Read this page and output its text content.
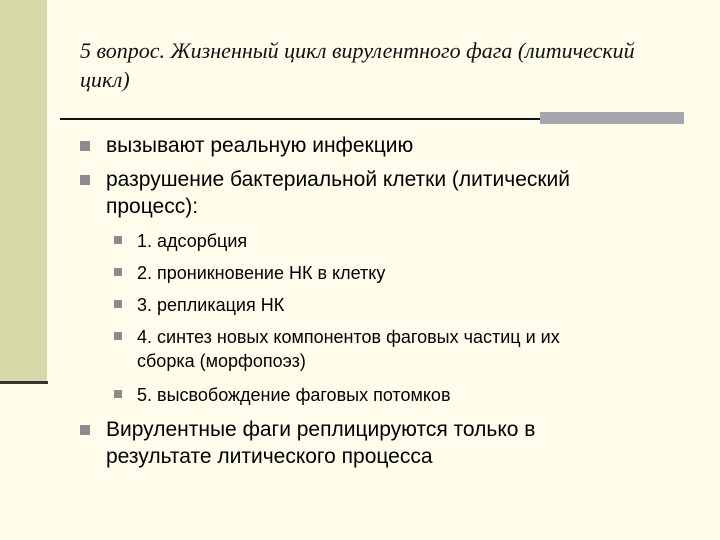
5 вопрос. Жизненный цикл вирулентного фага (литический цикл)
вызывают реальную инфекцию
разрушение бактериальной клетки (литический
процесс):
1. адсорбция
2. проникновение НК в клетку
3. репликация НК
4. синтез новых компонентов фаговых частиц и их
сборка (морфопоэз)
5. высвобождение фаговых потомков
Вирулентные фаги реплицируются только в
результате литического процесса
